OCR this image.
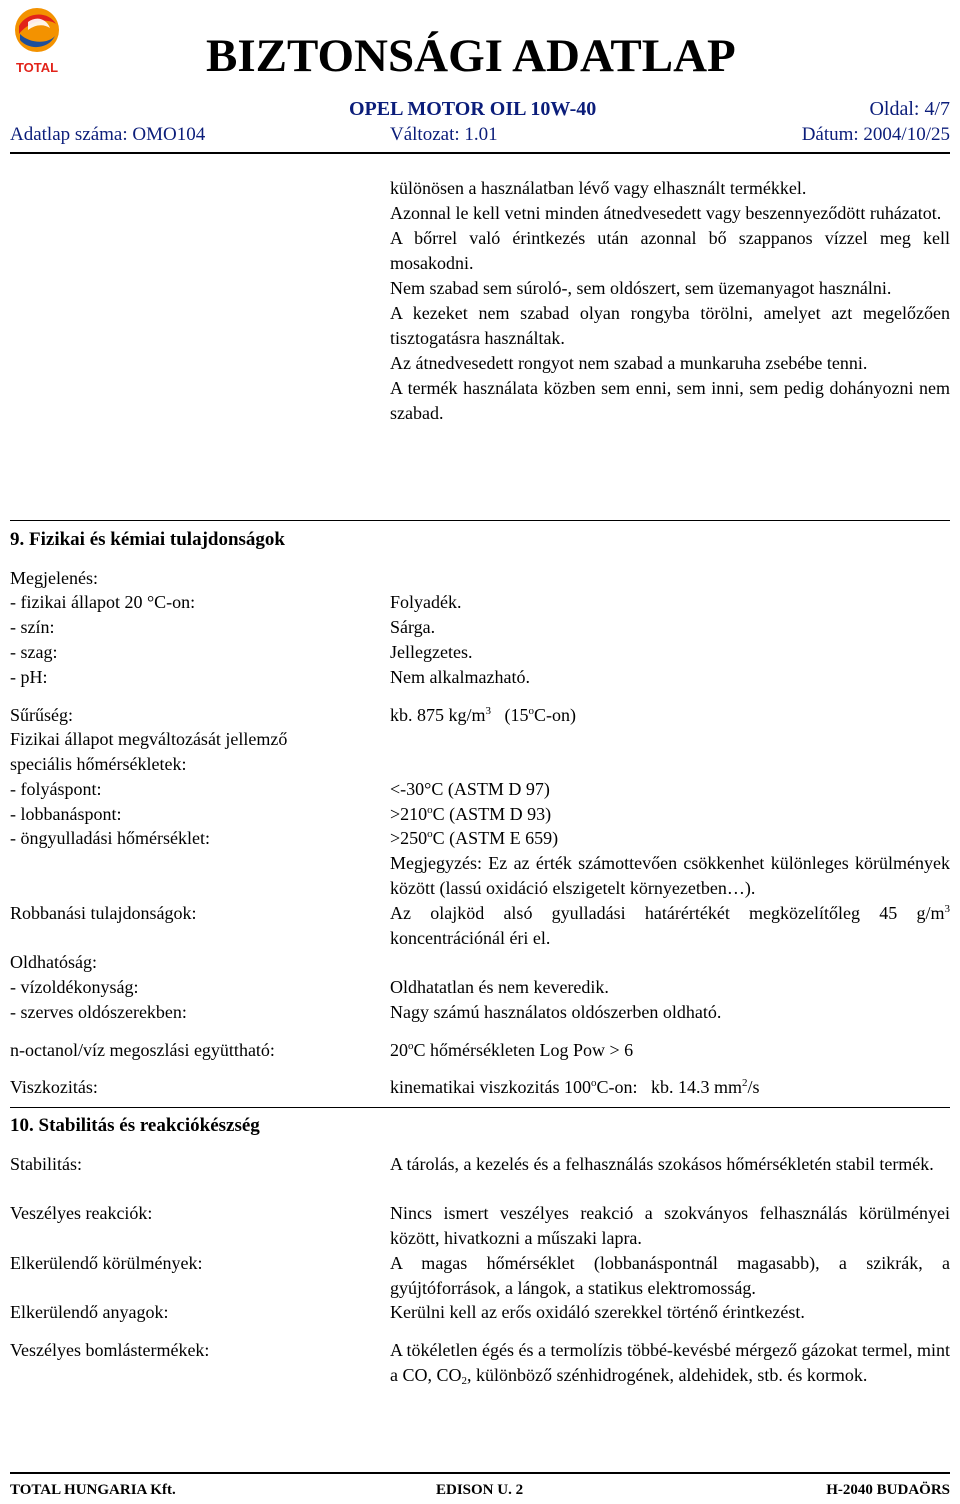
TOTAL	BIZTONSÁGI ADATLAP
OPEL MOTOR OIL 10W-40	Oldal: 4/7
Adatlap száma: OMO104	Változat: 1.01	Dátum: 2004/10/25

különösen a használatban lévő vagy elhasznált termékkel.

Azonnal le kell vetni minden átnedvesedett vagy beszennyeződött ruházatot.

A bőrrel való érintkezés után azonnal bő szappanos vízzel meg kell mosakodni.

Nem szabad sem súroló-, sem oldószert, sem üzemanyagot használni.

A kezeket nem szabad olyan rongyba törölni, amelyet azt megelőzően tisztogatásra használtak.

Az átnedvesedett rongyot nem szabad a munkaruha zsebébe tenni.

A termék használata közben sem enni, sem inni, sem pedig dohányozni nem szabad.

9. Fizikai és kémiai tulajdonságok
Megjelenés:
- fizikai állapot 20 °C-on:	Folyadék.
- szín:	Sárga.
- szag:	Jellegzetes.
- pH:	Nem alkalmazható.
Sűrűség:	kb. 875 $kg/m^3$   (15$^o$C-on)
Fizikai állapot megváltozását jellemző
speciális hőmérsékletek:
- folyáspont:	<-30°C (ASTM D 97)
- lobbanáspont:	$>210^oC$ (ASTM D 93)
- öngyulladási hőmérséklet:	$>250^oC$ (ASTM E 659)
Megjegyzés: Ez az érték számottevően csökkenhet különleges körülmények között (lassú oxidáció elszigetelt környezetben…).
Robbanási tulajdonságok:	Az olajköd alsó gyulladási határértékét megközelítőleg 45 $g/m^3$ koncentrációnál éri el.
Oldhatóság:
- vízoldékonyság:	Oldhatatlan és nem keveredik.
- szerves oldószerekben:	Nagy számú használatos oldószerben oldható.
n-octanol/víz megoszlási együttható:	20$^o$C hőmérsékleten Log Pow > 6
Viszkozitás:	kinematikai viszkozitás 100$^o$C-on:   kb. 14.3 $mm^2/s$
10. Stabilitás és reakciókészség
Stabilitás:	A tárolás, a kezelés és a felhasználás szokásos hőmérsékletén stabil termék.
Veszélyes reakciók:	Nincs ismert veszélyes reakció a szokványos felhasználás körülményei között, hivatkozni a műszaki lapra.
Elkerülendő körülmények:	A magas hőmérséklet (lobbanáspontnál magasabb), a szikrák, a gyújtóforrások, a lángok, a statikus elektromosság.
Elkerülendő anyagok:	Kerülni kell az erős oxidáló szerekkel történő érintkezést.
Veszélyes bomlástermékek:	A tökéletlen égés és a termolízis többé-kevésbé mérgező gázokat termel, mint a CO, $CO_2$, különböző szénhidrogének, aldehidek, stb. és kormok.
TOTAL HUNGARIA Kft.	EDISON U. 2	H-2040 BUDAÖRS
